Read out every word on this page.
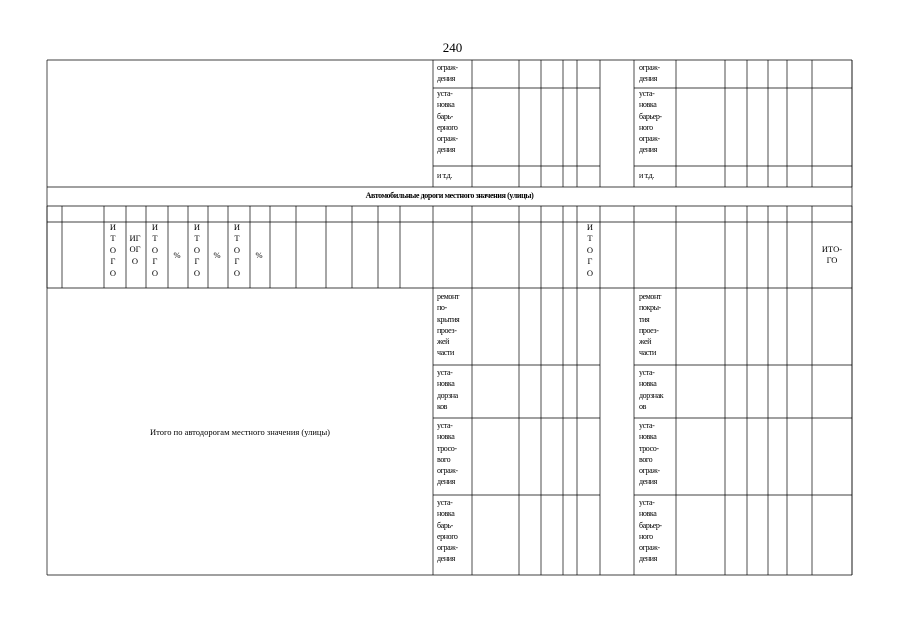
240
ограж-
дения
уста-
новка
барь-
ерного
ограж-
дения
и т.д.
ограж-
дения
уста-
новка
барьер-
ного
ограж-
дения
и т.д.
Автомобильные дороги местного значения (улицы)
И
Т
О
Г
О
ИГ
ОГ
О
И
Т
О
Г
О
%
И
Т
О
Г
О
%
И
Т
О
Г
О
%
И
Т
О
Г
О
ИТО-
ГО
Итого по автодорогам местного значения (улицы)
ремонт
по-
крытия
проез-
жей
части
уста-
новка
дорзна
ков
уста-
новка
тросо-
вого
ограж-
дения
уста-
новка
барь-
ерного
ограж-
дения
ремонт
покры-
тия
проез-
жей
части
уста-
новка
дорзнак
ов
уста-
новка
тросо-
вого
ограж-
дения
уста-
новка
барьер-
ного
ограж-
дения
